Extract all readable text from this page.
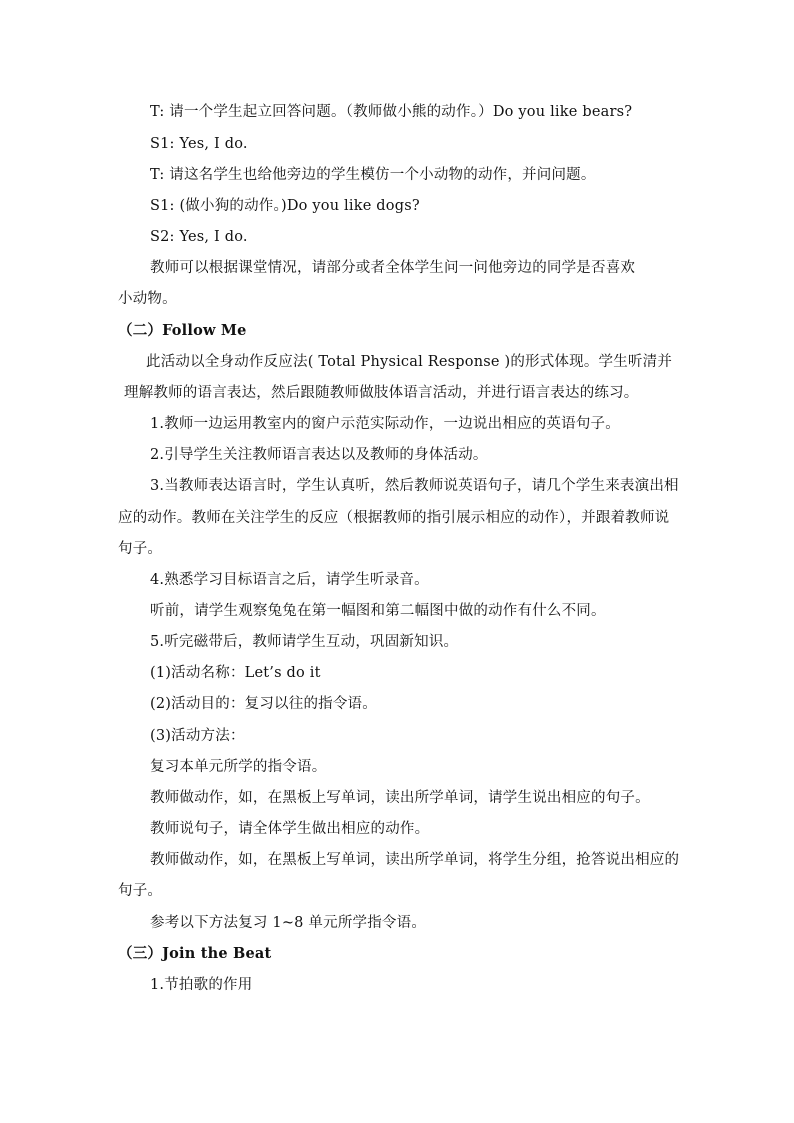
T: 请一个学生起立回答问题。（教师做小熊的动作。）Do you like bears?
S1: Yes, I do.
T: 请这名学生也给他旁边的学生模仿一个小动物的动作，并问问题。
S1: (做小狗的动作。)Do you like dogs?
S2: Yes, I do.
教师可以根据课堂情况，请部分或者全体学生问一问他旁边的同学是否喜欢
小动物。
（二）Follow Me
此活动以全身动作反应法( Total Physical Response )的形式体现。学生听清并
理解教师的语言表达，然后跟随教师做肢体语言活动，并进行语言表达的练习。
1.教师一边运用教室内的窗户示范实际动作，一边说出相应的英语句子。
2.引导学生关注教师语言表达以及教师的身体活动。
3.当教师表达语言时，学生认真听，然后教师说英语句子，请几个学生来表演出相
应的动作。教师在关注学生的反应（根据教师的指引展示相应的动作），并跟着教师说
句子。
4.熟悉学习目标语言之后，请学生听录音。
听前，请学生观察兔兔在第一幅图和第二幅图中做的动作有什么不同。
5.听完磁带后，教师请学生互动，巩固新知识。
(1)活动名称：Let’s do it
(2)活动目的：复习以往的指令语。
(3)活动方法：
复习本单元所学的指令语。
教师做动作，如，在黑板上写单词，读出所学单词，请学生说出相应的句子。
教师说句子，请全体学生做出相应的动作。
教师做动作，如，在黑板上写单词，读出所学单词，将学生分组，抢答说出相应的
句子。
参考以下方法复习 1~8 单元所学指令语。
（三）Join the Beat
1.节拍歌的作用
